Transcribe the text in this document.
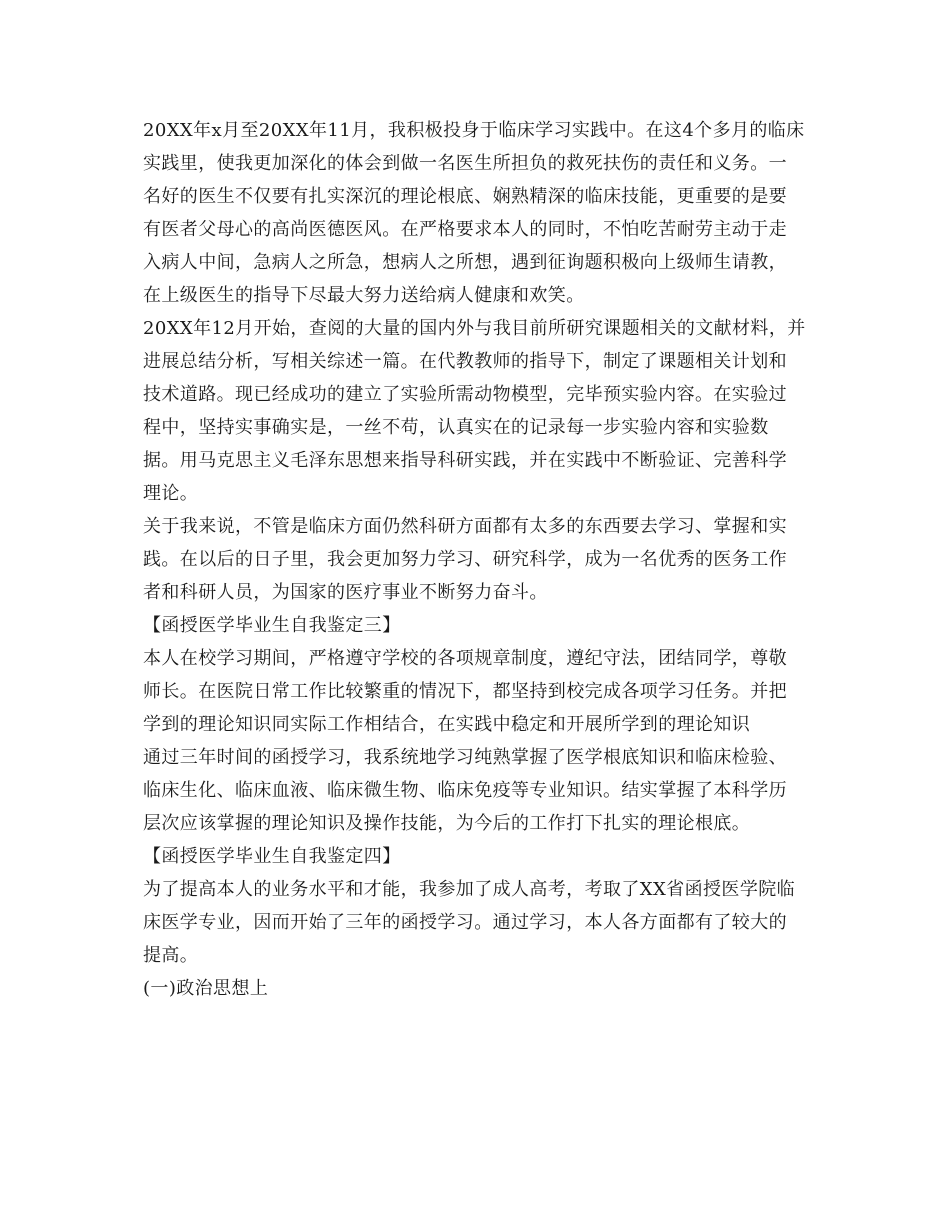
20XX年x月至20XX年11月，我积极投身于临床学习实践中。在这4个多月的临床
实践里，使我更加深化的体会到做一名医生所担负的救死扶伤的责任和义务。一
名好的医生不仅要有扎实深沉的理论根底、娴熟精深的临床技能，更重要的是要
有医者父母心的高尚医德医风。在严格要求本人的同时，不怕吃苦耐劳主动于走
入病人中间，急病人之所急，想病人之所想，遇到征询题积极向上级师生请教，
在上级医生的指导下尽最大努力送给病人健康和欢笑。
20XX年12月开始，查阅的大量的国内外与我目前所研究课题相关的文献材料，并
进展总结分析，写相关综述一篇。在代教教师的指导下，制定了课题相关计划和
技术道路。现已经成功的建立了实验所需动物模型，完毕预实验内容。在实验过
程中，坚持实事确实是，一丝不苟，认真实在的记录每一步实验内容和实验数
据。用马克思主义毛泽东思想来指导科研实践，并在实践中不断验证、完善科学
理论。
关于我来说，不管是临床方面仍然科研方面都有太多的东西要去学习、掌握和实
践。在以后的日子里，我会更加努力学习、研究科学，成为一名优秀的医务工作
者和科研人员，为国家的医疗事业不断努力奋斗。
【函授医学毕业生自我鉴定三】
本人在校学习期间，严格遵守学校的各项规章制度，遵纪守法，团结同学，尊敬
师长。在医院日常工作比较繁重的情况下，都坚持到校完成各项学习任务。并把
学到的理论知识同实际工作相结合，在实践中稳定和开展所学到的理论知识
通过三年时间的函授学习，我系统地学习纯熟掌握了医学根底知识和临床检验、
临床生化、临床血液、临床微生物、临床免疫等专业知识。结实掌握了本科学历
层次应该掌握的理论知识及操作技能，为今后的工作打下扎实的理论根底。
【函授医学毕业生自我鉴定四】
为了提高本人的业务水平和才能，我参加了成人高考，考取了XX省函授医学院临
床医学专业，因而开始了三年的函授学习。通过学习，本人各方面都有了较大的
提高。
(一)政治思想上
